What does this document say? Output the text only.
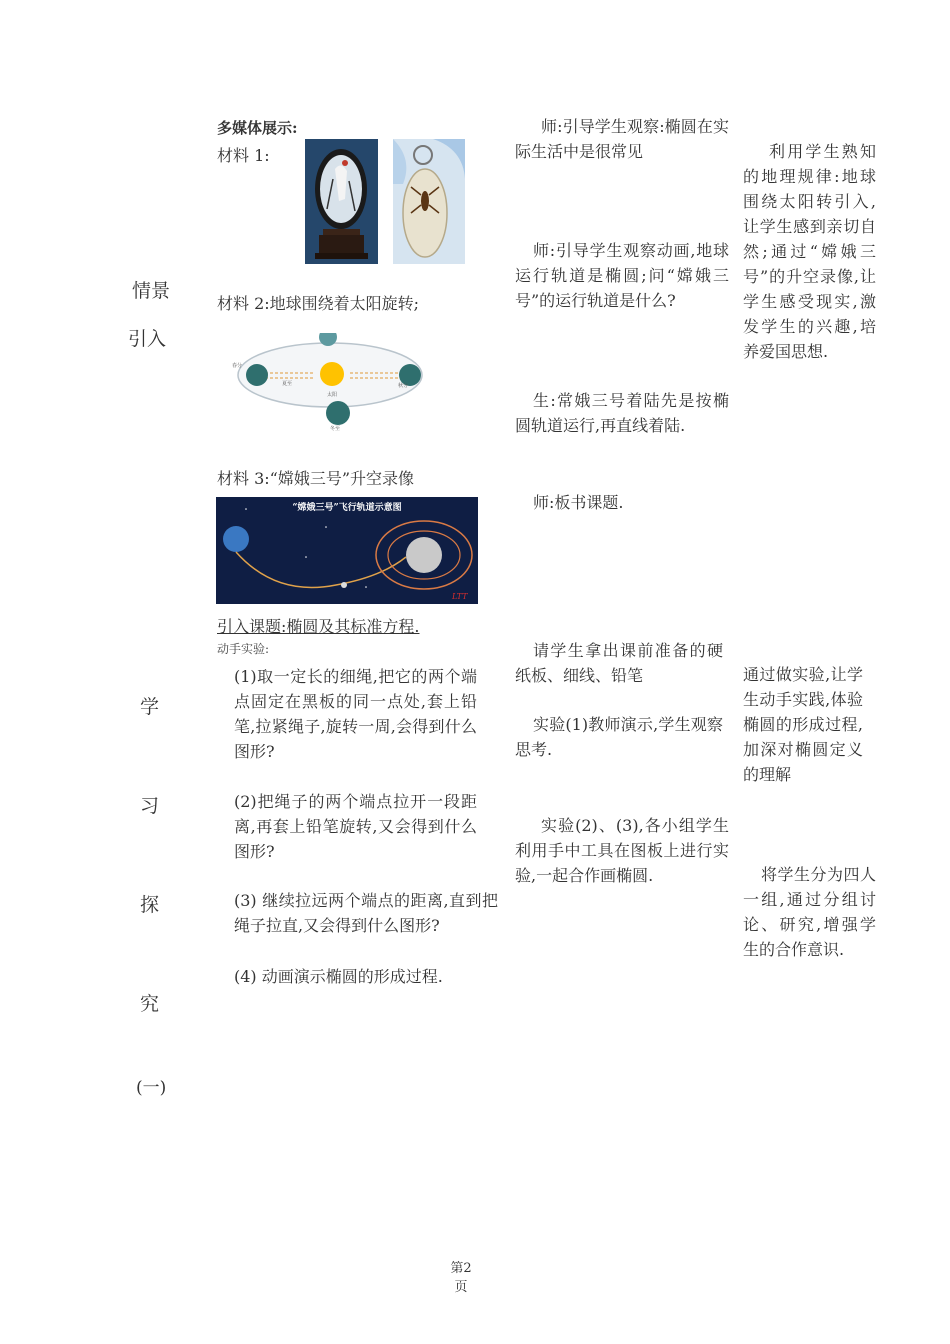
情景
引入
学
习
探
究
(一)
多媒体展示:
材料 1:
材料 2:地球围绕着太阳旋转;
太阳
春分
夏至	秋分
冬至
材料 3:“嫦娥三号”升空录像
“嫦娥三号”飞行轨道示意图
LTT
引入课题:椭圆及其标准方程.
动手实验:
(1)取一定长的细绳,把它的两个端点固定在黑板的同一点处,套上铅笔,拉紧绳子,旋转一周,会得到什么图形?
(2)把绳子的两个端点拉开一段距离,再套上铅笔旋转,又会得到什么图形?
(3) 继续拉远两个端点的距离,直到把绳子拉直,又会得到什么图形?
(4) 动画演示椭圆的形成过程.
师:引导学生观察:椭圆在实际生活中是很常见
师:引导学生观察动画,地球运行轨道是椭圆;问“嫦娥三号”的运行轨道是什么?
生:常娥三号着陆先是按椭圆轨道运行,再直线着陆.
师:板书课题.
请学生拿出课前准备的硬纸板、细线、铅笔
实验(1)教师演示,学生观察思考.
实验(2)、(3),各小组学生利用手中工具在图板上进行实验,一起合作画椭圆.
利用学生熟知的地理规律:地球围绕太阳转引入,让学生感到亲切自然;通过“嫦娥三号”的升空录像,让学生感受现实,激发学生的兴趣,培养爱国思想.
通过做实验,让学生动手实践,体验椭圆的形成过程,加深对椭圆定义的理解
将学生分为四人一组,通过分组讨论、研究,增强学生的合作意识.
第2
页
